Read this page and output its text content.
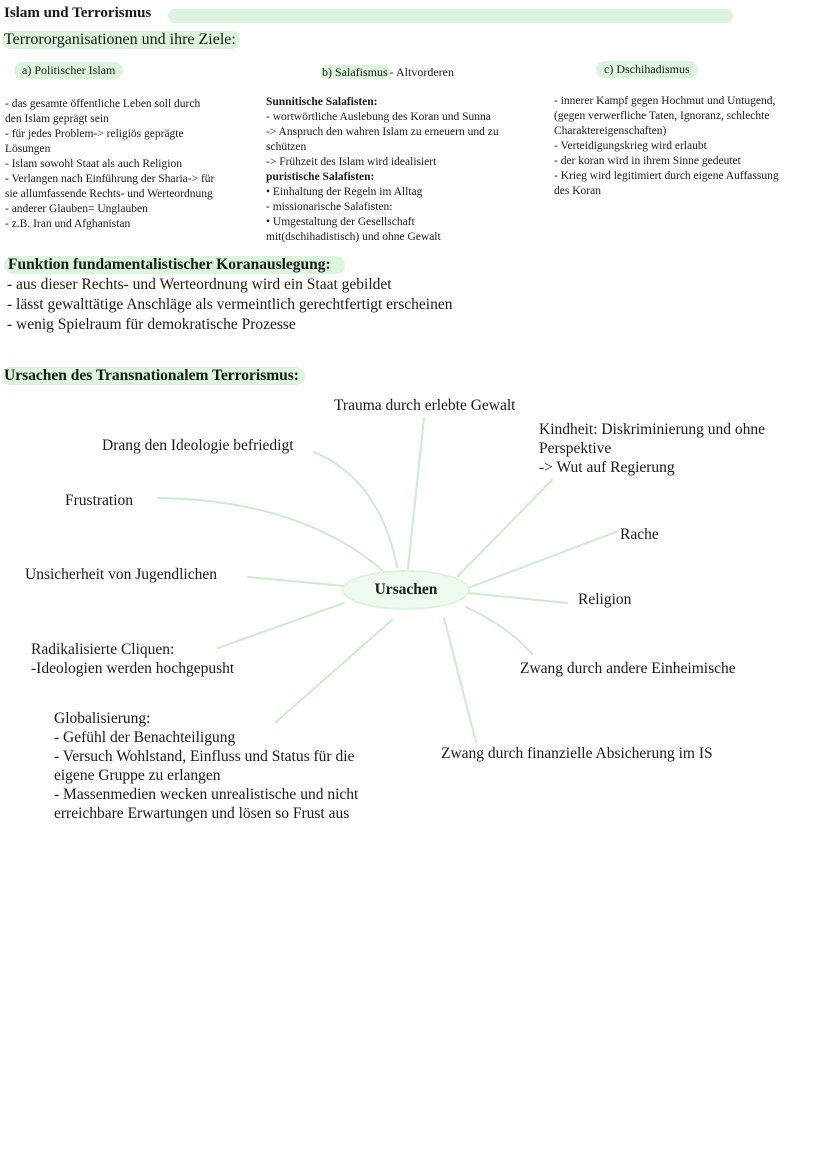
Islam und Terrorismus
Terrororganisationen und ihre Ziele:
a) Politischer Islam	b) Salafismus - Altvorderen	c) Dschihadismus
- das gesamte öffentliche Leben soll durch
den Islam geprägt sein
- für jedes Problem-> religiös geprägte
Lösungen
- Islam sowohl Staat als auch Religion
- Verlangen nach Einführung der Sharia-> für
sie allumfassende Rechts- und Werteordnung
- anderer Glauben= Unglauben
- z.B. Iran und Afghanistan
Sunnitische Salafisten:
- wortwörtliche Auslebung des Koran und Sunna
-> Anspruch den wahren Islam zu erneuern und zu
schützen
-> Frühzeit des Islam wird idealisiert
puristische Salafisten:
• Einhaltung der Regeln im Alltag
- missionarische Salafisten:
• Umgestaltung der Gesellschaft
mit(dschihadistisch) und ohne Gewalt
- innerer Kampf gegen Hochmut und Untugend,
(gegen verwerfliche Taten, Ignoranz, schlechte
Charaktereigenschaften)
- Verteidigungskrieg wird erlaubt
- der koran wird in ihrem Sinne gedeutet
- Krieg wird legitimiert durch eigene Auffassung
des Koran
Funktion fundamentalistischer Koranauslegung:
- aus dieser Rechts- und Werteordnung wird ein Staat gebildet
- lässt gewalttätige Anschläge als vermeintlich gerechtfertigt erscheinen
- wenig Spielraum für demokratische Prozesse
Ursachen des Transnationalem Terrorismus:
Ursachen
Trauma durch erlebte Gewalt
Drang den Ideologie befriedigt
Kindheit: Diskriminierung und ohne
Perspektive
-> Wut auf Regierung
Frustration
Rache
Unsicherheit von Jugendlichen
Religion
Radikalisierte Cliquen:
-Ideologien werden hochgepusht	Zwang durch andere Einheimische
Globalisierung:
- Gefühl der Benachteiligung
- Versuch Wohlstand, Einfluss und Status für die
eigene Gruppe zu erlangen
- Massenmedien wecken unrealistische und nicht
erreichbare Erwartungen und lösen so Frust aus
Zwang durch finanzielle Absicherung im IS
